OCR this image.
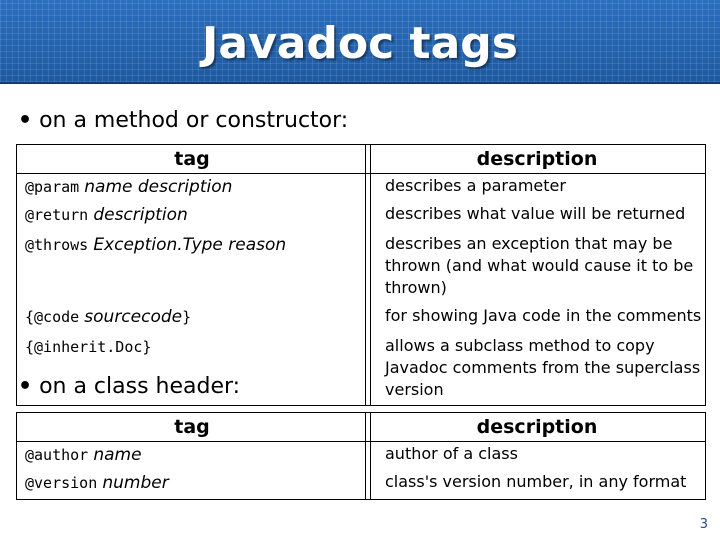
Javadoc tags
• on a method or constructor:
tag	description
@param name description	describes a parameter
@return description	describes what value will be returned
@throws Exception.Type reason	describes an exception that may be
thrown (and what would cause it to be
thrown)
{@code sourcecode}	for showing Java code in the comments
{@inherit.Doc}	allows a subclass method to copy
Javadoc comments from the superclass
version
• on a class header:
tag	description
@author name	author of a class
@version number	class's version number, in any format
3
